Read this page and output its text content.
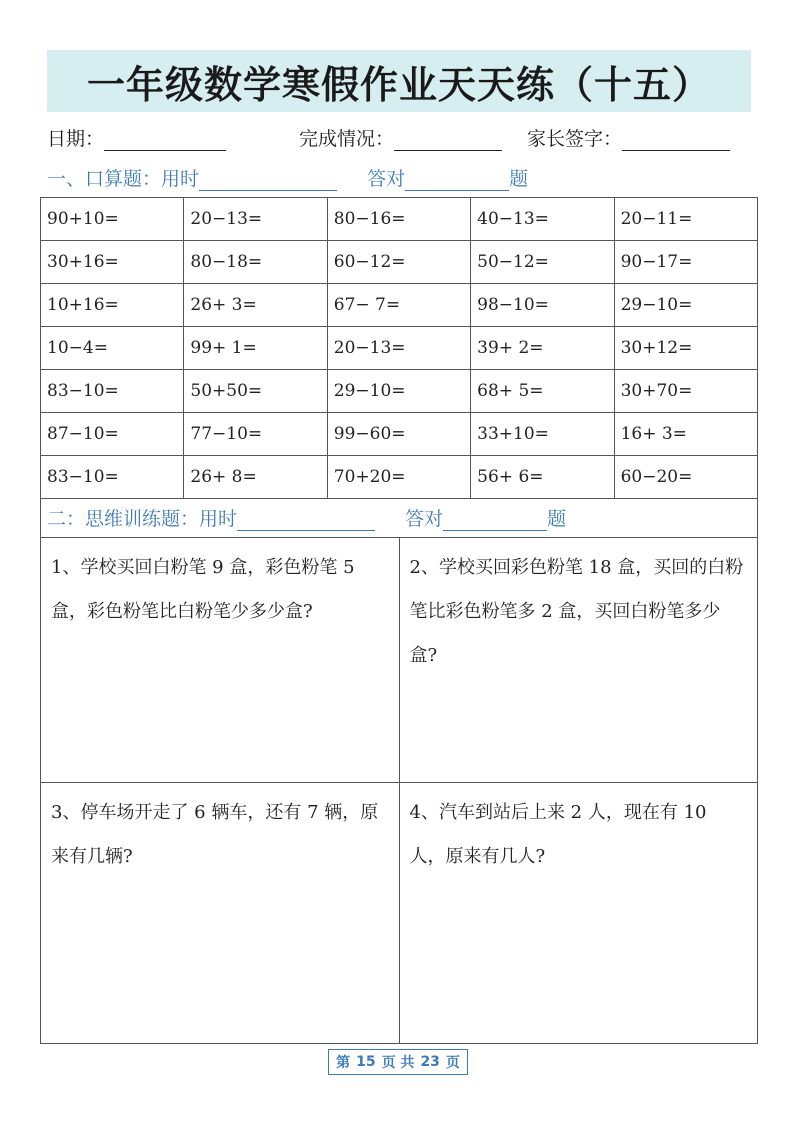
一年级数学寒假作业天天练（十五）
日期：	完成情况：	家长签字：
一、口算题：用时	答对	题
90+10=	20−13=	80−16=	40−13=	20−11=
30+16=	80−18=	60−12=	50−12=	90−17=
10+16=	26+ 3=	67− 7=	98−10=	29−10=
10−4=	99+ 1=	20−13=	39+ 2=	30+12=
83−10=	50+50=	29−10=	68+ 5=	30+70=
87−10=	77−10=	99−60=	33+10=	16+ 3=
83−10=	26+ 8=	70+20=	56+ 6=	60−20=
二：思维训练题：用时	答对	题
1、学校买回白粉笔 9 盒，彩色粉笔 5 盒，彩色粉笔比白粉笔少多少盒?	2、学校买回彩色粉笔 18 盒，买回的白粉笔比彩色粉笔多 2 盒，买回白粉笔多少盒?
3、停车场开走了 6 辆车，还有 7 辆，原来有几辆?	4、汽车到站后上来 2 人，现在有 10 人，原来有几人?
第 15 页 共 23 页
